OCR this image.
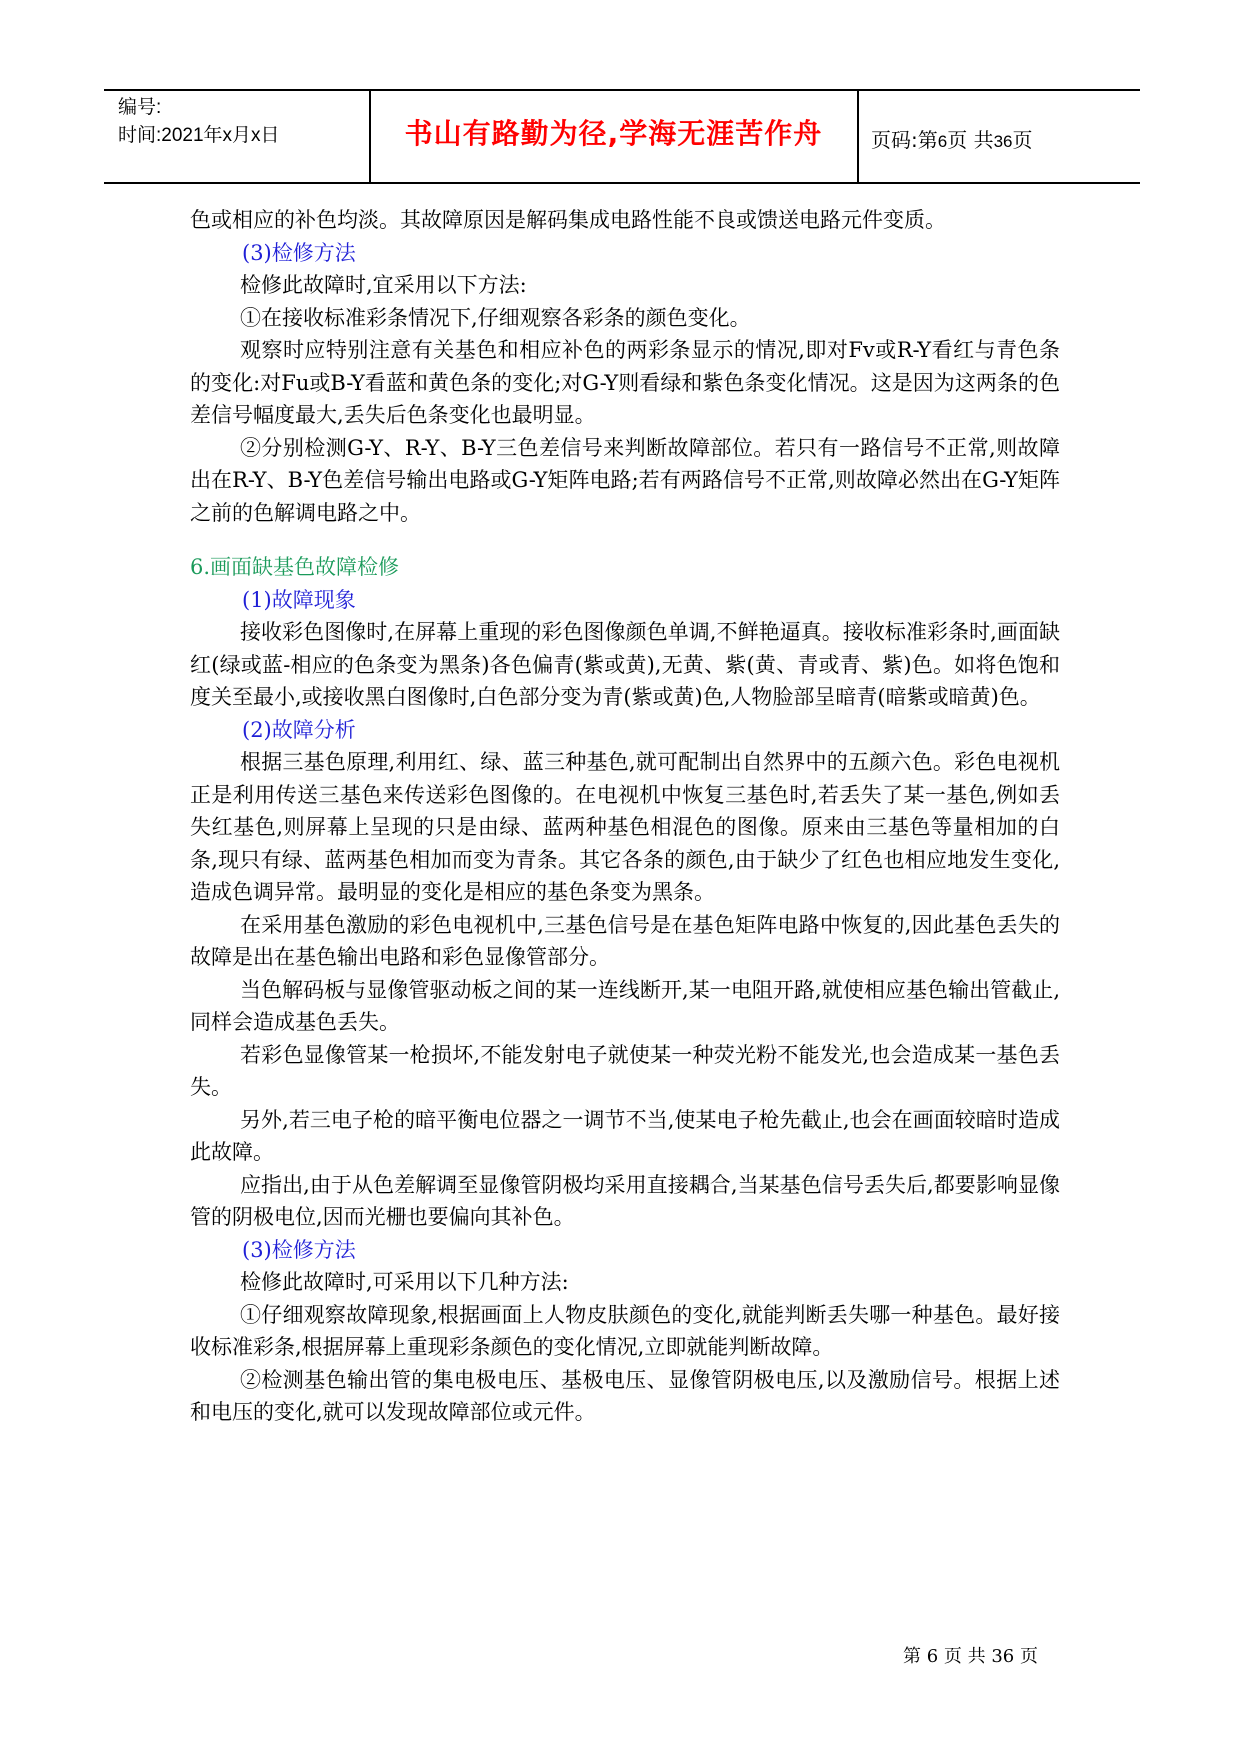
编号:
时间:2021年x月x日	书山有路勤为径,学海无涯苦作舟	页码:第6页 共36页

色或相应的补色均淡。其故障原因是解码集成电路性能不良或馈送电路元件变质。

(3)检修方法

检修此故障时,宜采用以下方法:

①在接收标准彩条情况下,仔细观察各彩条的颜色变化。

观察时应特别注意有关基色和相应补色的两彩条显示的情况,即对Fv或R-Y看红与青色条的变化:对Fu或B-Y看蓝和黄色条的变化;对G-Y则看绿和紫色条变化情况。这是因为这两条的色差信号幅度最大,丢失后色条变化也最明显。

②分别检测G-Y、R-Y、B-Y三色差信号来判断故障部位。若只有一路信号不正常,则故障出在R-Y、B-Y色差信号输出电路或G-Y矩阵电路;若有两路信号不正常,则故障必然出在G-Y矩阵之前的色解调电路之中。

6.画面缺基色故障检修

(1)故障现象

接收彩色图像时,在屏幕上重现的彩色图像颜色单调,不鲜艳逼真。接收标准彩条时,画面缺红(绿或蓝-相应的色条变为黑条)各色偏青(紫或黄),无黄、紫(黄、青或青、紫)色。如将色饱和度关至最小,或接收黑白图像时,白色部分变为青(紫或黄)色,人物脸部呈暗青(暗紫或暗黄)色。

(2)故障分析

根据三基色原理,利用红、绿、蓝三种基色,就可配制出自然界中的五颜六色。彩色电视机正是利用传送三基色来传送彩色图像的。在电视机中恢复三基色时,若丢失了某一基色,例如丢失红基色,则屏幕上呈现的只是由绿、蓝两种基色相混色的图像。原来由三基色等量相加的白条,现只有绿、蓝两基色相加而变为青条。其它各条的颜色,由于缺少了红色也相应地发生变化,造成色调异常。最明显的变化是相应的基色条变为黑条。

在采用基色激励的彩色电视机中,三基色信号是在基色矩阵电路中恢复的,因此基色丢失的故障是出在基色输出电路和彩色显像管部分。

当色解码板与显像管驱动板之间的某一连线断开,某一电阻开路,就使相应基色输出管截止,同样会造成基色丢失。

若彩色显像管某一枪损坏,不能发射电子就使某一种荧光粉不能发光,也会造成某一基色丢失。

另外,若三电子枪的暗平衡电位器之一调节不当,使某电子枪先截止,也会在画面较暗时造成此故障。

应指出,由于从色差解调至显像管阴极均采用直接耦合,当某基色信号丢失后,都要影响显像管的阴极电位,因而光栅也要偏向其补色。

(3)检修方法

检修此故障时,可采用以下几种方法:

①仔细观察故障现象,根据画面上人物皮肤颜色的变化,就能判断丢失哪一种基色。最好接收标准彩条,根据屏幕上重现彩条颜色的变化情况,立即就能判断故障。

②检测基色输出管的集电极电压、基极电压、显像管阴极电压,以及激励信号。根据上述和电压的变化,就可以发现故障部位或元件。

第 6 页 共 36 页
